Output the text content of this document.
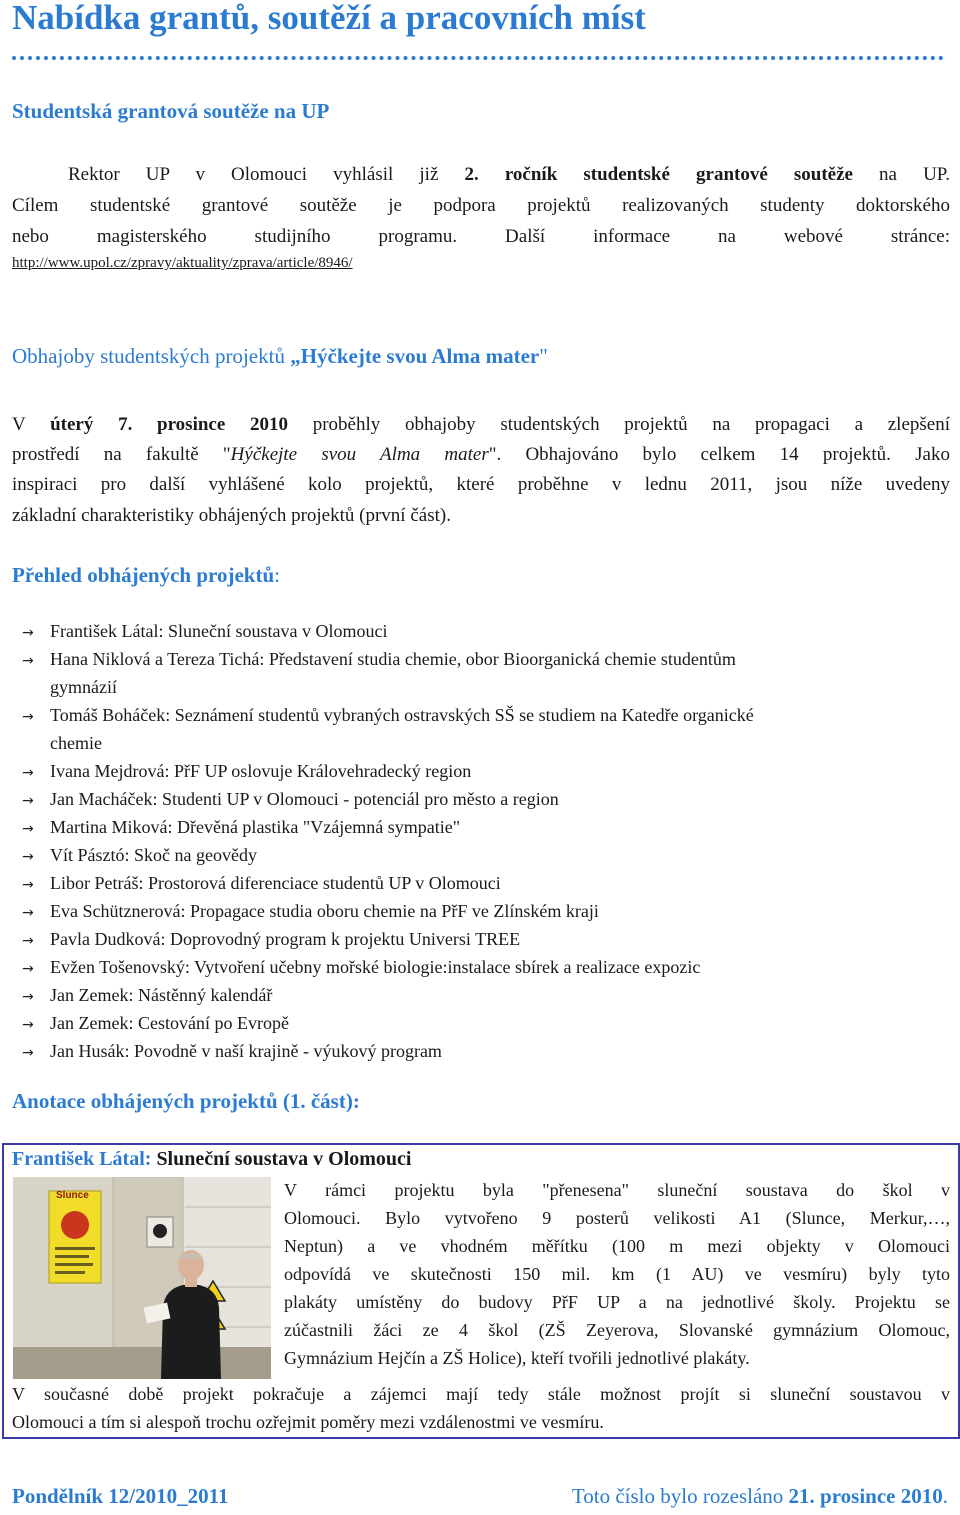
Nabídka grantů, soutěží a pracovních míst
Studentská grantová soutěže na UP
Rektor UP v Olomouci vyhlásil již 2. ročník studentské grantové soutěže na UP.
Cílem studentské grantové soutěže je podpora projektů realizovaných studenty doktorského
nebo magisterského studijního programu. Další informace na webové stránce:
http://www.upol.cz/zpravy/aktuality/zprava/article/8946/
Obhajoby studentských projektů „Hýčkejte svou Alma mater"
V úterý 7. prosince 2010 proběhly obhajoby studentských projektů na propagaci a zlepšení
prostředí na fakultě "Hýčkejte svou Alma mater". Obhajováno bylo celkem 14 projektů. Jako
inspiraci pro další vyhlášené kolo projektů, které proběhne v lednu 2011, jsou níže uvedeny
základní charakteristiky obhájených projektů (první část).
Přehled obhájených projektů:
→ František Látal: Sluneční soustava v Olomouci
→ Hana Niklová a Tereza Tichá: Představení studia chemie, obor Bioorganická chemie studentům
gymnázií
→ Tomáš Boháček: Seznámení studentů vybraných ostravských SŠ se studiem na Katedře organické
chemie
→ Ivana Mejdrová: PřF UP oslovuje Královehradecký region
→ Jan Macháček: Studenti UP v Olomouci - potenciál pro město a region
→ Martina Miková: Dřevěná plastika "Vzájemná sympatie"
→ Vít Pásztó: Skoč na geovědy
→ Libor Petráš: Prostorová diferenciace studentů UP v Olomouci
→ Eva Schütznerová: Propagace studia oboru chemie na PřF ve Zlínském kraji
→ Pavla Dudková: Doprovodný program k projektu Universi TREE
→ Evžen Tošenovský: Vytvoření učebny mořské biologie:instalace sbírek a realizace expozic
→ Jan Zemek: Nástěnný kalendář
→ Jan Zemek: Cestování po Evropě
→ Jan Husák: Povodně v naší krajině - výukový program
Anotace obhájených projektů (1. část):
František Látal: Sluneční soustava v Olomouci
Slunce	V rámci projektu byla "přenesena" sluneční soustava do škol v
Olomouci. Bylo vytvořeno 9 posterů velikosti A1 (Slunce, Merkur,…,
Neptun) a ve vhodném měřítku (100 m mezi objekty v Olomouci
odpovídá ve skutečnosti 150 mil. km (1 AU) ve vesmíru) byly tyto
plakáty umístěny do budovy PřF UP a na jednotlivé školy. Projektu se
zúčastnili žáci ze 4 škol (ZŠ Zeyerova, Slovanské gymnázium Olomouc,
Gymnázium Hejčín a ZŠ Holice), kteří tvořili jednotlivé plakáty.
V současné době projekt pokračuje a zájemci mají tedy stále možnost projít si sluneční soustavou v
Olomouci a tím si alespoň trochu ozřejmit poměry mezi vzdálenostmi ve vesmíru.
Pondělník 12/2010_2011	Toto číslo bylo rozesláno 21. prosince 2010.
